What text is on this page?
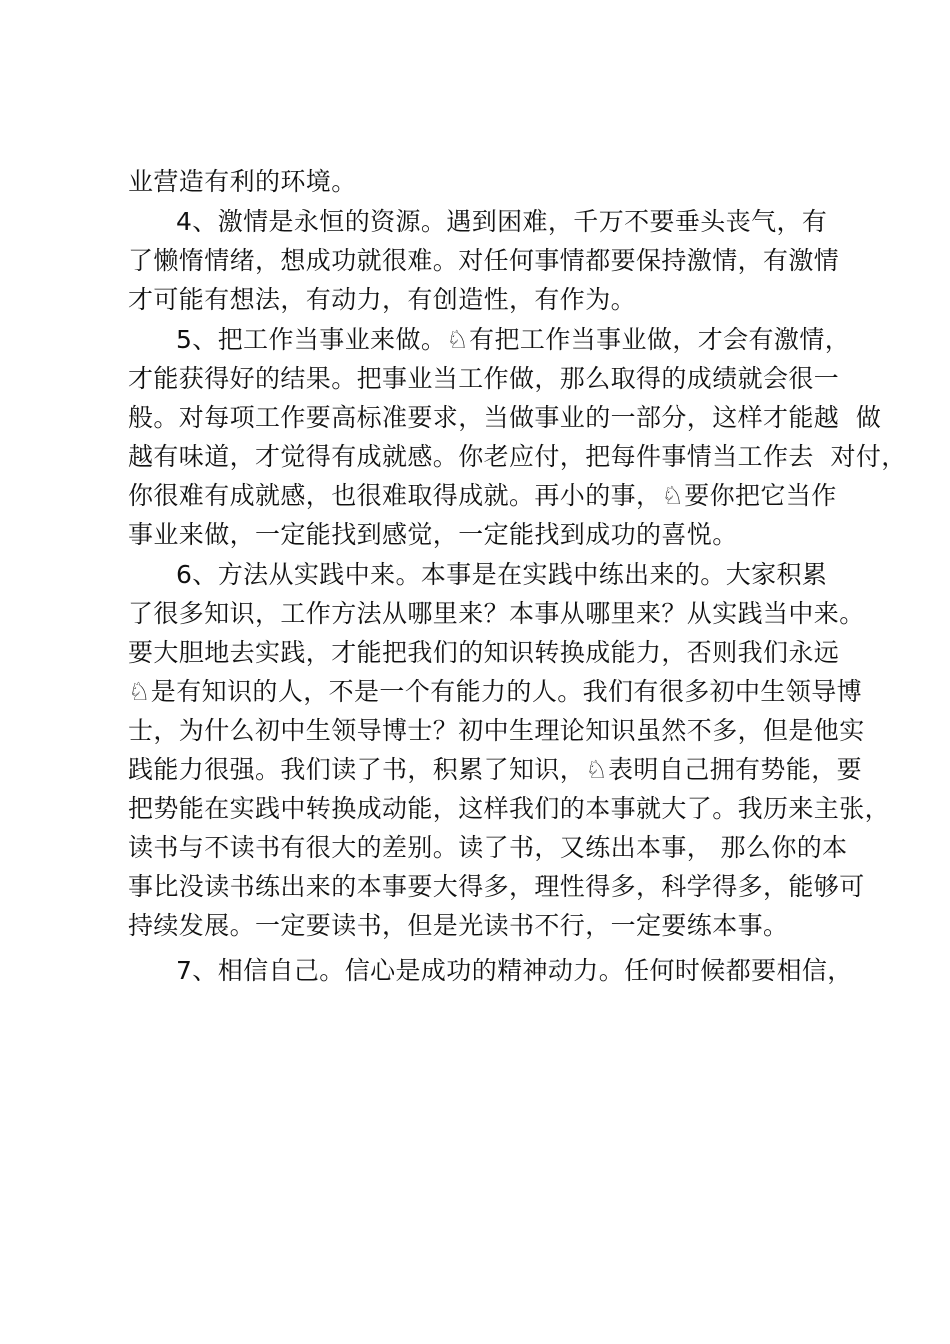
业营造有利的环境。

4、激情是永恒的资源。遇到困难，千万不要垂头丧气，有

了懒惰情绪，想成功就很难。对任何事情都要保持激情，有激情

才可能有想法，有动力，有创造性，有作为。

5、把工作当事业来做。♘有把工作当事业做，才会有激情，

才能获得好的结果。把事业当工作做，那么取得的成绩就会很一

般。对每项工作要高标准要求，当做事业的一部分，这样才能越  做

越有味道，才觉得有成就感。你老应付，把每件事情当工作去  对付，

你很难有成就感，也很难取得成就。再小的事，♘要你把它当作

事业来做，一定能找到感觉，一定能找到成功的喜悦。

6、方法从实践中来。本事是在实践中练出来的。大家积累

了很多知识，工作方法从哪里来？本事从哪里来？从实践当中来。

要大胆地去实践，才能把我们的知识转换成能力，否则我们永远

♘是有知识的人，不是一个有能力的人。我们有很多初中生领导博

士，为什么初中生领导博士？初中生理论知识虽然不多，但是他实

践能力很强。我们读了书，积累了知识，♘表明自己拥有势能，要

把势能在实践中转换成动能，这样我们的本事就大了。我历来主张，

读书与不读书有很大的差别。读了书，又练出本事， 那么你的本

事比没读书练出来的本事要大得多，理性得多，科学得多，能够可

持续发展。一定要读书，但是光读书不行，一定要练本事。

7、相信自己。信心是成功的精神动力。任何时候都要相信，
